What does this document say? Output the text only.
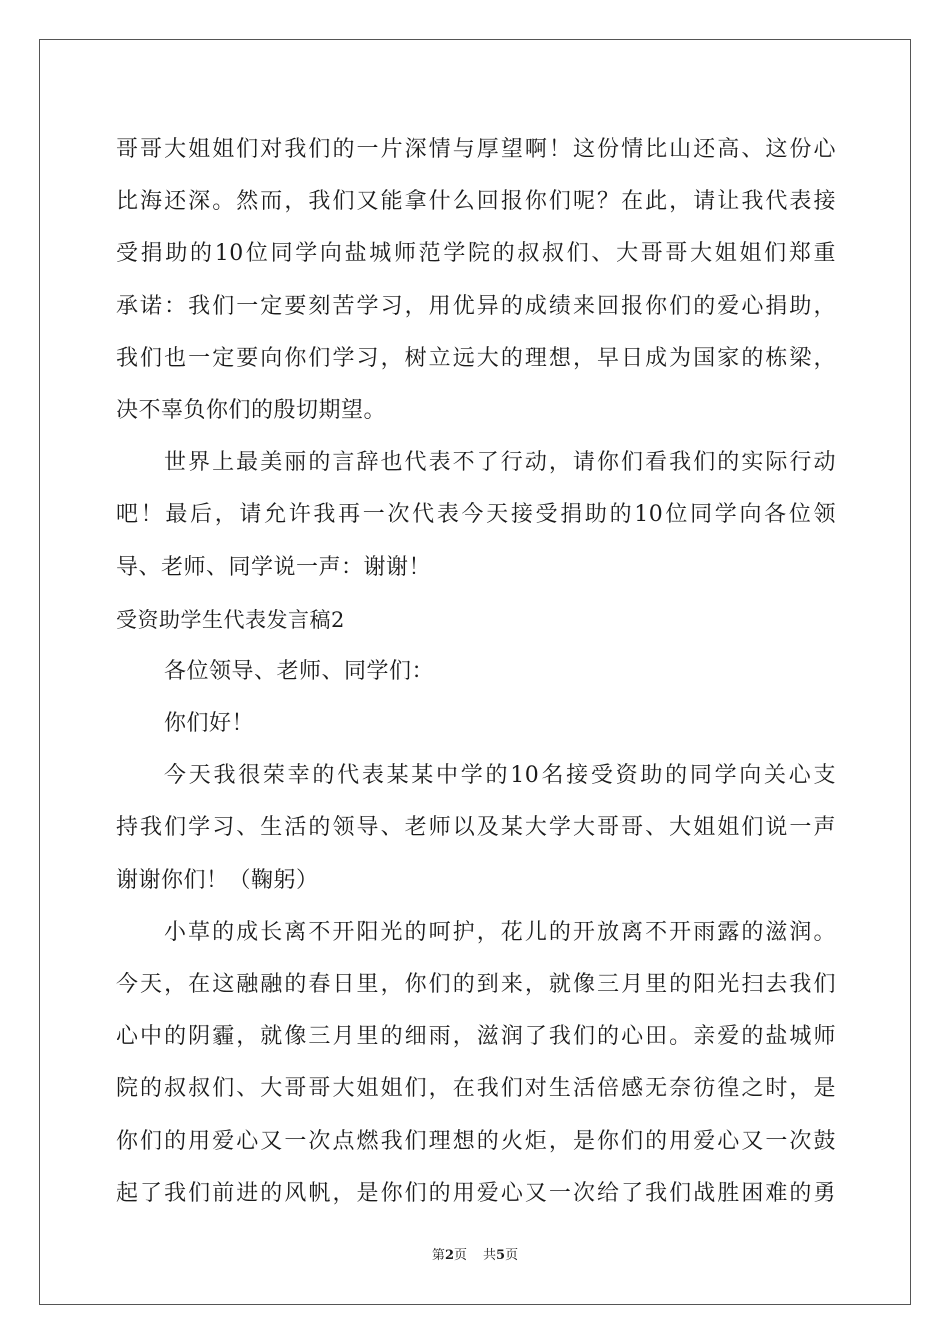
哥哥大姐姐们对我们的一片深情与厚望啊！这份情比山还高、这份心
比海还深。然而，我们又能拿什么回报你们呢？在此，请让我代表接
受捐助的10位同学向盐城师范学院的叔叔们、大哥哥大姐姐们郑重
承诺：我们一定要刻苦学习，用优异的成绩来回报你们的爱心捐助，
我们也一定要向你们学习，树立远大的理想，早日成为国家的栋梁，
决不辜负你们的殷切期望。
世界上最美丽的言辞也代表不了行动，请你们看我们的实际行动
吧！最后，请允许我再一次代表今天接受捐助的10位同学向各位领
导、老师、同学说一声：谢谢！
受资助学生代表发言稿2
各位领导、老师、同学们：
你们好！
今天我很荣幸的代表某某中学的10名接受资助的同学向关心支
持我们学习、生活的领导、老师以及某大学大哥哥、大姐姐们说一声
谢谢你们！（鞠躬）
小草的成长离不开阳光的呵护，花儿的开放离不开雨露的滋润。
今天，在这融融的春日里，你们的到来，就像三月里的阳光扫去我们
心中的阴霾，就像三月里的细雨，滋润了我们的心田。亲爱的盐城师
院的叔叔们、大哥哥大姐姐们，在我们对生活倍感无奈彷徨之时，是
你们的用爱心又一次点燃我们理想的火炬，是你们的用爱心又一次鼓
起了我们前进的风帆，是你们的用爱心又一次给了我们战胜困难的勇
第2页 共5页
